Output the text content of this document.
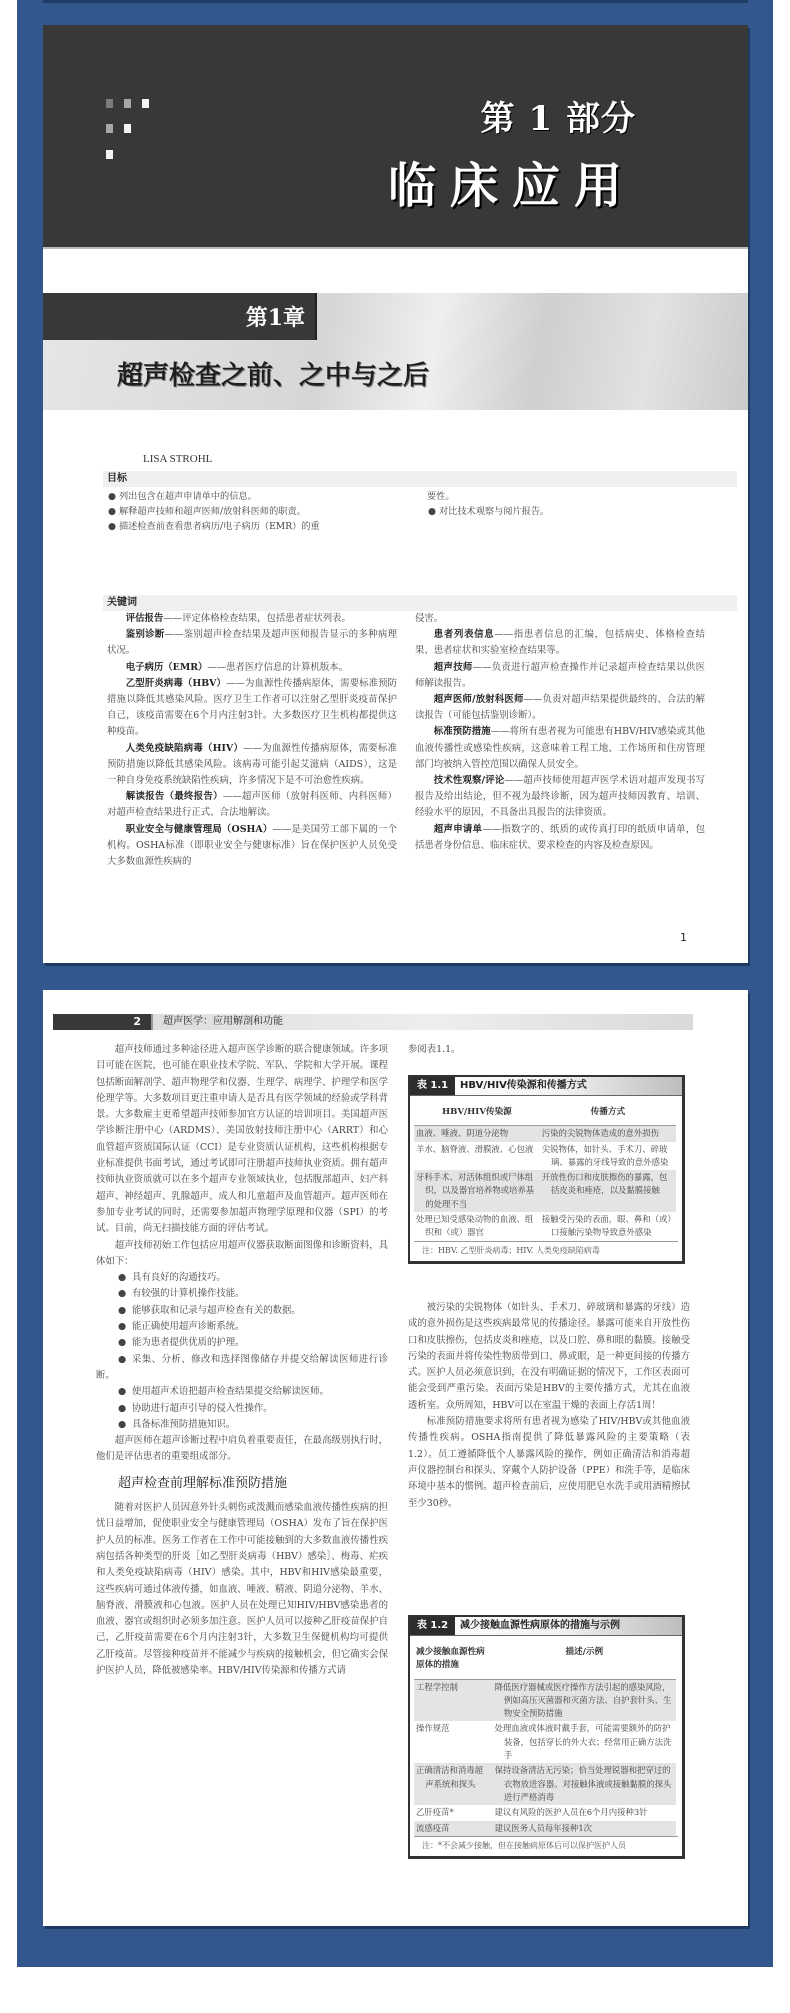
第 1 部分
临床应用
第1章
超声检查之前、之中与之后
LISA STROHL
目标
● 列出包含在超声申请单中的信息。
● 解释超声技师和超声医师/放射科医师的职责。
● 描述检查前查看患者病历/电子病历（EMR）的重
要性。
● 对比技术观察与阅片报告。
关键词

评估报告——评定体格检查结果，包括患者症状列表。

鉴别诊断——鉴别超声检查结果及超声医师报告显示的多种病理状况。

电子病历（EMR）——患者医疗信息的计算机版本。

乙型肝炎病毒（HBV）——为血源性传播病原体，需要标准预防措施以降低其感染风险。医疗卫生工作者可以注射乙型肝炎疫苗保护自己，该疫苗需要在6个月内注射3针。大多数医疗卫生机构都提供这种疫苗。

人类免疫缺陷病毒（HIV）——为血源性传播病原体，需要标准预防措施以降低其感染风险。该病毒可能引起艾滋病（AIDS），这是一种自身免疫系统缺陷性疾病，许多情况下是不可治愈性疾病。

解读报告（最终报告）——超声医师（放射科医师、内科医师）对超声检查结果进行正式、合法地解读。

职业安全与健康管理局（OSHA）——是美国劳工部下属的一个机构。OSHA标准（即职业安全与健康标准）旨在保护医护人员免受大多数血源性疾病的

侵害。

患者列表信息——指患者信息的汇编，包括病史、体格检查结果、患者症状和实验室检查结果等。

超声技师——负责进行超声检查操作并记录超声检查结果以供医师解读报告。

超声医师/放射科医师——负责对超声结果提供最终的、合法的解读报告（可能包括鉴别诊断）。

标准预防措施——将所有患者视为可能患有HBV/HIV感染或其他血液传播性或感染性疾病，这意味着工程工地、工作场所和住房管理部门均被纳入管控范围以确保人员安全。

技术性观察/评论——超声技师使用超声医学术语对超声发现书写报告及给出结论，但不视为最终诊断，因为超声技师因教育、培训、经验水平的原因，不具备出具报告的法律资质。

超声申请单——指数字的、纸质的或传真打印的纸质申请单，包括患者身份信息、临床症状、要求检查的内容及检查原因。

1
2	超声医学：应用解剖和功能

超声技师通过多种途径进入超声医学诊断的联合健康领域。许多项目可能在医院，也可能在职业技术学院、军队、学院和大学开展。课程包括断面解剖学、超声物理学和仪器、生理学、病理学、护理学和医学伦理学等。大多数项目更注重申请人是否具有医学领域的经验或学科背景。大多数雇主更希望超声技师参加官方认证的培训项目。美国超声医学诊断注册中心（ARDMS）、美国放射技师注册中心（ARRT）和心血管超声资质国际认证（CCI）是专业资质认证机构，这些机构根据专业标准提供书面考试，通过考试即可注册超声技师执业资质。拥有超声技师执业资质就可以在多个超声专业领域执业，包括腹部超声、妇产科超声、神经超声、乳腺超声、成人和儿童超声及血管超声。超声医师在参加专业考试的同时，还需要参加超声物理学原理和仪器（SPI）的考试。目前，尚无扫描技能方面的评估考试。

超声技师初始工作包括应用超声仪器获取断面图像和诊断资料，具体如下：

● 具有良好的沟通技巧。
● 有较强的计算机操作技能。
● 能够获取和记录与超声检查有关的数据。
● 能正确使用超声诊断系统。
● 能为患者提供优质的护理。
● 采集、分析、修改和选择图像储存并提交给解读医师进行诊断。
● 使用超声术语把超声检查结果提交给解读医师。
● 协助进行超声引导的侵入性操作。
● 具备标准预防措施知识。

超声医师在超声诊断过程中肩负着重要责任，在最高级别执行时，他们是评估患者的重要组成部分。

超声检查前理解标准预防措施

随着对医护人员因意外针头刺伤或泼溅而感染血液传播性疾病的担忧日益增加，促使职业安全与健康管理局（OSHA）发布了旨在保护医护人员的标准。医务工作者在工作中可能接触到的大多数血液传播性疾病包括各种类型的肝炎［如乙型肝炎病毒（HBV）感染］、梅毒、疟疾和人类免疫缺陷病毒（HIV）感染。其中，HBV和HIV感染最重要，这些疾病可通过体液传播，如血液、唾液、精液、阴道分泌物、羊水、脑脊液、滑膜液和心包液。医护人员在处理已知HIV/HBV感染患者的血液、器官或组织时必须多加注意。医护人员可以接种乙肝疫苗保护自己，乙肝疫苗需要在6个月内注射3针，大多数卫生保健机构均可提供乙肝疫苗。尽管接种疫苗并不能减少与疾病的接触机会，但它确实会保护医护人员，降低被感染率。HBV/HIV传染源和传播方式请

参阅表1.1。

表 1.1	HBV/HIV传染源和传播方式
HBV/HIV传染源	传播方式

血液、唾液、阴道分泌物	污染的尖锐物体造成的意外损伤

羊水、脑脊液、滑膜液、心包液	尖锐物体，如针头、手术刀、碎玻璃、暴露的牙线导致的意外感染

牙科手术、对活体组织或尸体组织，以及器官培养物或培养基的处理不当	开放性伤口和皮肤擦伤的暴露，包括皮炎和痤疮，以及黏膜接触

处理已知受感染动物的血液、组织和（或）器官	接触受污染的表面，眼、鼻和（或）口接触污染物导致意外感染
注：HBV. 乙型肝炎病毒；HIV. 人类免疫缺陷病毒

被污染的尖锐物体（如针头、手术刀、碎玻璃和暴露的牙线）造成的意外损伤是这些疾病最常见的传播途径。暴露可能来自开放性伤口和皮肤擦伤，包括皮炎和痤疮，以及口腔、鼻和眼的黏膜。接触受污染的表面并将传染性物质带到口、鼻或眼，是一种更间接的传播方式。医护人员必须意识到，在没有明确证据的情况下，工作区表面可能会受到严重污染。表面污染是HBV的主要传播方式，尤其在血液透析室。众所周知，HBV可以在室温干燥的表面上存活1周！

标准预防措施要求将所有患者视为感染了HIV/HBV或其他血液传播性疾病。OSHA指南提供了降低暴露风险的主要策略（表1.2）。员工遵循降低个人暴露风险的操作，例如正确清洁和消毒超声仪器控制台和探头、穿戴个人防护设备（PPE）和洗手等，是临床环境中基本的惯例。超声检查前后，应使用肥皂水洗手或用酒精擦拭至少30秒。

表 1.2	减少接触血源性病原体的措施与示例
减少接触血源性病原体的措施	描述/示例

工程学控制	降低医疗器械或医疗操作方法引起的感染风险，例如高压灭菌器和灭菌方法、自护套针头、生物安全预防措施

操作规范	处理血液或体液时戴手套，可能需要额外的防护装备，包括穿长的外大衣；经常用正确方法洗手

正确清洁和消毒超声系统和探头	保持设备清洁无污染；恰当处理锐器和把穿过的衣物放进容器。对接触体液或接触黏膜的探头进行严格消毒

乙肝疫苗*	建议有风险的医护人员在6个月内接种3针

流感疫苗	建议医务人员每年接种1次
注：*不会减少接触，但在接触病原体后可以保护医护人员
